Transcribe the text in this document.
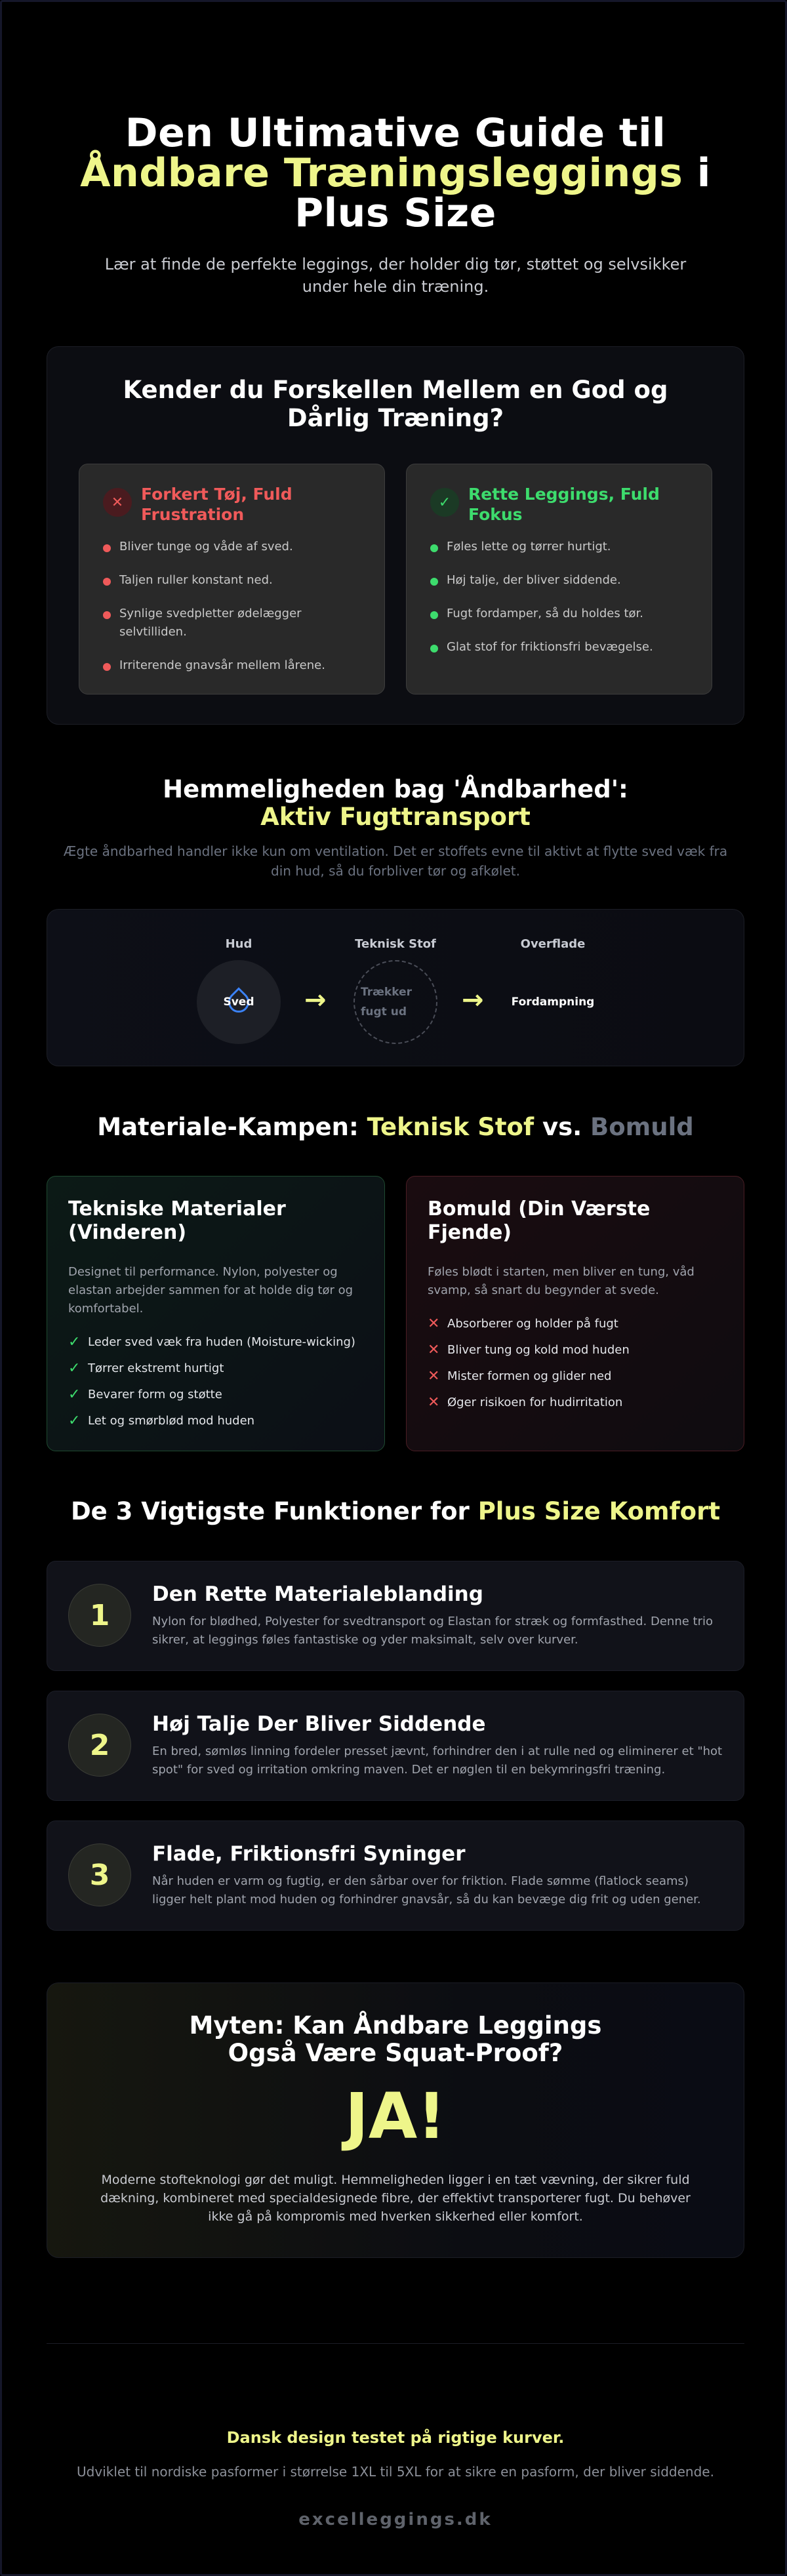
Den Ultimative Guide til
Åndbare Træningsleggings i
Plus Size

Lær at finde de perfekte leggings, der holder dig tør, støttet og selvsikker under hele din træning.

Kender du Forskellen Mellem en God og Dårlig Træning?
✕	Forkert Tøj, Fuld Frustration
Bliver tunge og våde af sved.
Taljen ruller konstant ned.
Synlige svedpletter ødelægger selvtilliden.
Irriterende gnavsår mellem lårene.
✓	Rette Leggings, Fuld Fokus
Føles lette og tørrer hurtigt.
Høj talje, der bliver siddende.
Fugt fordamper, så du holdes tør.
Glat stof for friktionsfri bevægelse.
Hemmeligheden bag 'Åndbarhed': Aktiv Fugttransport

Ægte åndbarhed handler ikke kun om ventilation. Det er stoffets evne til aktivt at flytte sved væk fra din hud, så du forbliver tør og afkølet.

Hud
Sved →
Teknisk Stof
Trækker fugt ud	→
Overflade
Fordampning
Materiale-Kampen: Teknisk Stof vs. Bomuld
Tekniske Materialer (Vinderen)

Designet til performance. Nylon, polyester og elastan arbejder sammen for at holde dig tør og komfortabel.

✓ Leder sved væk fra huden (Moisture-wicking)
✓ Tørrer ekstremt hurtigt
✓ Bevarer form og støtte
✓ Let og smørblød mod huden
Bomuld (Din Værste Fjende)

Føles blødt i starten, men bliver en tung, våd svamp, så snart du begynder at svede.

✕ Absorberer og holder på fugt
✕ Bliver tung og kold mod huden
✕ Mister formen og glider ned
✕ Øger risikoen for hudirritation
De 3 Vigtigste Funktioner for Plus Size Komfort
1
Den Rette Materialeblanding

Nylon for blødhed, Polyester for svedtransport og Elastan for stræk og formfasthed. Denne trio sikrer, at leggings føles fantastiske og yder maksimalt, selv over kurver.

2
Høj Talje Der Bliver Siddende

En bred, sømløs linning fordeler presset jævnt, forhindrer den i at rulle ned og eliminerer et "hot spot" for sved og irritation omkring maven. Det er nøglen til en bekymringsfri træning.

3
Flade, Friktionsfri Syninger

Når huden er varm og fugtig, er den sårbar over for friktion. Flade sømme (flatlock seams) ligger helt plant mod huden og forhindrer gnavsår, så du kan bevæge dig frit og uden gener.

Myten: Kan Åndbare Leggings Også Være Squat-Proof?
JA!

Moderne stofteknologi gør det muligt. Hemmeligheden ligger i en tæt vævning, der sikrer fuld dækning, kombineret med specialdesignede fibre, der effektivt transporterer fugt. Du behøver ikke gå på kompromis med hverken sikkerhed eller komfort.

Dansk design testet på rigtige kurver.
Udviklet til nordiske pasformer i størrelse 1XL til 5XL for at sikre en pasform, der bliver siddende.
excelleggings.dk
